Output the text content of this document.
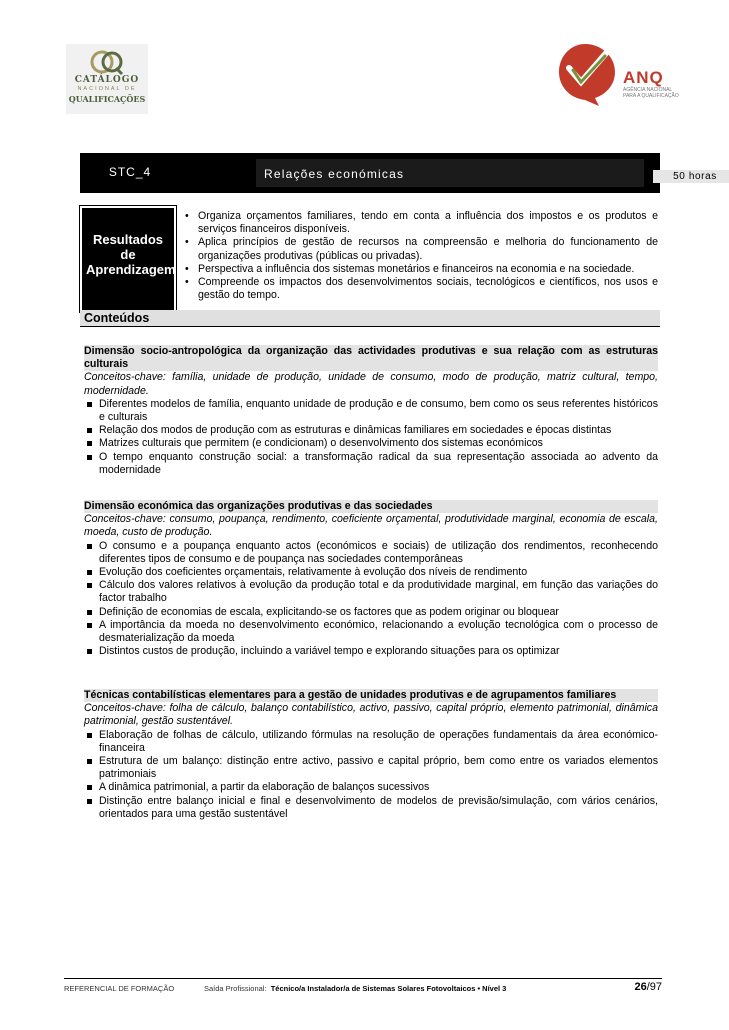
CATÁLOGO
NACIONAL DE
QUALIFICAÇÕES
ANQ
AGÊNCIA NACIONAL PARA A QUALIFICAÇÃO
STC_4	Relações económicas
Carga horária
50 horas
Resultados
de
Aprendizagem
• Organiza orçamentos familiares, tendo em conta a influência dos impostos e os produtos e serviços financeiros disponíveis.
• Aplica princípios de gestão de recursos na compreensão e melhoria do funcionamento de organizações produtivas (públicas ou privadas).
• Perspectiva a influência dos sistemas monetários e financeiros na economia e na sociedade.
• Compreende os impactos dos desenvolvimentos sociais, tecnológicos e científicos, nos usos e gestão do tempo.
Conteúdos
Dimensão socio-antropológica da organização das actividades produtivas e sua relação com as estruturas culturais
Conceitos-chave: família, unidade de produção, unidade de consumo, modo de produção, matriz cultural, tempo, modernidade.
Diferentes modelos de família, enquanto unidade de produção e de consumo, bem como os seus referentes históricos e culturais
Relação dos modos de produção com as estruturas e dinâmicas familiares em sociedades e épocas distintas
Matrizes culturais que permitem (e condicionam) o desenvolvimento dos sistemas económicos
O tempo enquanto construção social: a transformação radical da sua representação associada ao advento da modernidade
Dimensão económica das organizações produtivas e das sociedades
Conceitos-chave: consumo, poupança, rendimento, coeficiente orçamental, produtividade marginal, economia de escala, moeda, custo de produção.
O consumo e a poupança enquanto actos (económicos e sociais) de utilização dos rendimentos, reconhecendo diferentes tipos de consumo e de poupança nas sociedades contemporâneas
Evolução dos coeficientes orçamentais, relativamente à evolução dos níveis de rendimento
Cálculo dos valores relativos à evolução da produção total e da produtividade marginal, em função das variações do factor trabalho
Definição de economias de escala, explicitando-se os factores que as podem originar ou bloquear
A importância da moeda no desenvolvimento económico, relacionando a evolução tecnológica com o processo de desmaterialização da moeda
Distintos custos de produção, incluindo a variável tempo e explorando situações para os optimizar
Técnicas contabilísticas elementares para a gestão de unidades produtivas e de agrupamentos familiares
Conceitos-chave: folha de cálculo, balanço contabilístico, activo, passivo, capital próprio, elemento patrimonial, dinâmica patrimonial, gestão sustentável.
Elaboração de folhas de cálculo, utilizando fórmulas na resolução de operações fundamentais da área económico-financeira
Estrutura de um balanço: distinção entre activo, passivo e capital próprio, bem como entre os variados elementos patrimoniais
A dinâmica patrimonial, a partir da elaboração de balanços sucessivos
Distinção entre balanço inicial e final e desenvolvimento de modelos de previsão/simulação, com vários cenários, orientados para uma gestão sustentável
REFERENCIAL DE FORMAÇÃO	Saída Profissional: Técnico/a Instalador/a de Sistemas Solares Fotovoltaicos • Nível 3	26/97
